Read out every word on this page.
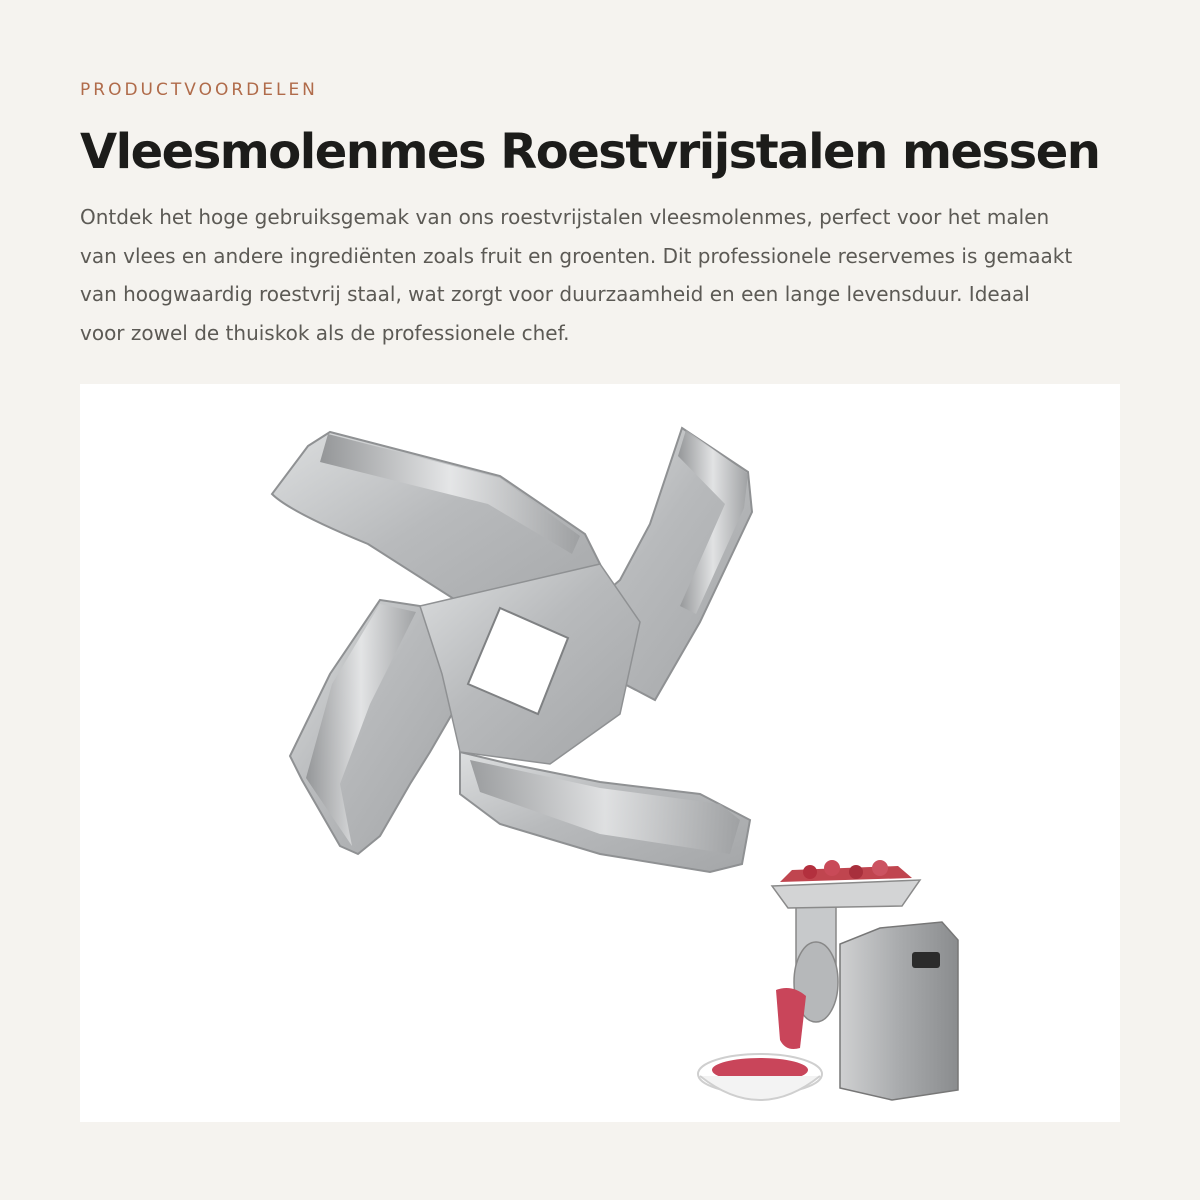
PRODUCTVOORDELEN
Vleesmolenmes Roestvrijstalen messen

Ontdek het hoge gebruiksgemak van ons roestvrijstalen vleesmolenmes, perfect voor het malen van vlees en andere ingrediënten zoals fruit en groenten. Dit professionele reservemes is gemaakt van hoogwaardig roestvrij staal, wat zorgt voor duurzaamheid en een lange levensduur. Ideaal voor zowel de thuiskok als de professionele chef.
